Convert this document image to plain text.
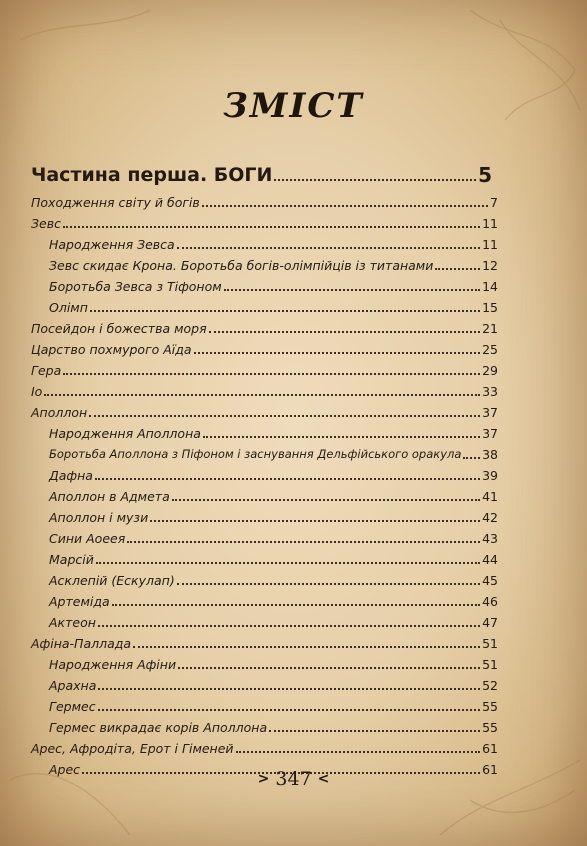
ЗМІСТ
Частина перша. БОГИ	5
Походження світу й богів	7
Зевс	11
Народження Зевса	11
Зевс скидає Крона. Боротьба богів-олімпійців із титанами	12
Боротьба Зевса з Тіфоном	14
Олімп	15
Посейдон і божества моря	21
Царство похмурого Аїда	25
Гера	29
Іо	33
Аполлон	37
Народження Аполлона	37
Боротьба Аполлона з Піфоном і заснування Дельфійського оракула 38
Дафна	39
Аполлон в Адмета	41
Аполлон і музи	42
Сини Аоеея	43
Марсій	44
Асклепій (Ескулап)	45
Артеміда	46
Актеон	47
Афіна-Паллада	51
Народження Афіни	51
Арахна	52
Гермес	55
Гермес викрадає корів Аполлона	55
Арес, Афродіта, Ерот і Гіменей	61
Арес	61
> 347 <
